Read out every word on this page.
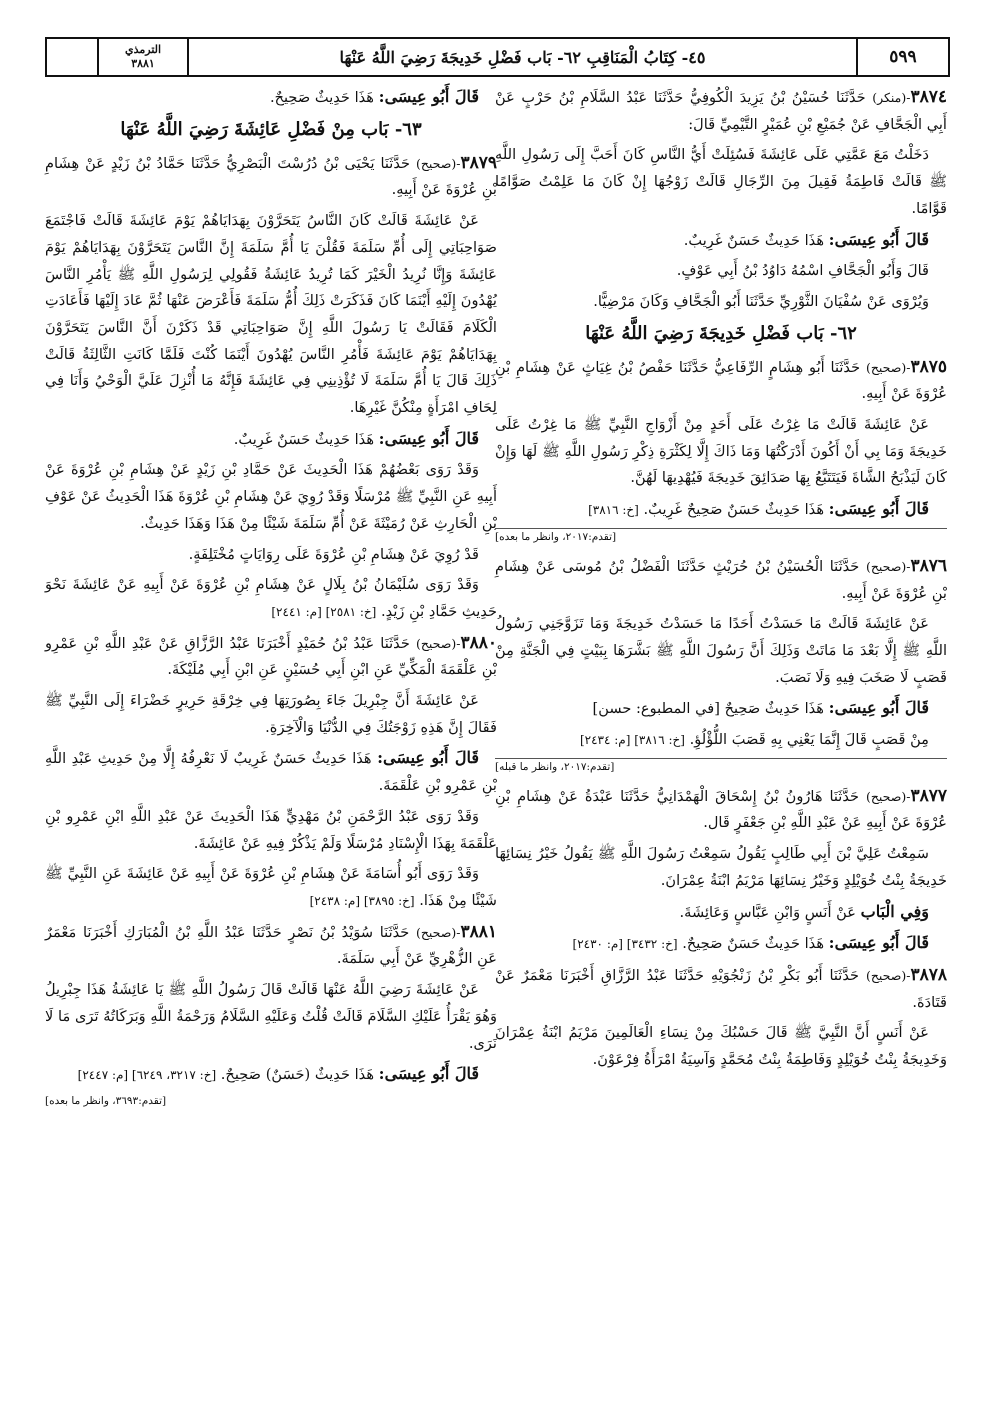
٥٩٩
٤٥- كِتَابُ الْمَنَاقِبِ ٦٢- بَاب فَضْلِ خَدِيجَةَ رَضِيَ اللَّهُ عَنْهَا
الترمذي
٣٨٨١

٣٨٧٤-(منكر) حَدَّثَنَا حُسَيْنُ بْنُ يَزِيدَ الْكُوفِيُّ حَدَّثَنَا عَبْدُ السَّلَامِ بْنُ حَرْبٍ عَنْ أَبِي الْجَحَّافِ عَنْ جُمَيْعِ بْنِ عُمَيْرٍ التَّيْمِيِّ قَالَ:

دَخَلْتُ مَعَ عَمَّتِي عَلَى عَائِشَةَ فَسُئِلَتْ أَيُّ النَّاسِ كَانَ أَحَبَّ إِلَى رَسُولِ اللَّهِ ﷺ قَالَتْ فَاطِمَةُ فَقِيلَ مِنَ الرِّجَالِ قَالَتْ زَوْجُهَا إِنْ كَانَ مَا عَلِمْتُ صَوَّامًا قَوَّامًا.

قَالَ أَبُو عِيسَى: هَذَا حَدِيثٌ حَسَنٌ غَرِيبٌ.

قَالَ وَأَبُو الْجَحَّافِ اسْمُهُ دَاوُدُ بْنُ أَبِي عَوْفٍ.

وَيُرْوَى عَنْ سُفْيَانَ الثَّوْرِيِّ حَدَّثَنَا أَبُو الْجَحَّافِ وَكَانَ مَرْضِيًّا.

٦٢- بَاب فَضْلِ خَدِيجَةَ رَضِيَ اللَّهُ عَنْهَا

٣٨٧٥-(صحيح) حَدَّثَنَا أَبُو هِشَامٍ الرِّفَاعِيُّ حَدَّثَنَا حَفْصُ بْنُ غِيَاثٍ عَنْ هِشَامِ بْنِ عُرْوَةَ عَنْ أَبِيهِ.

عَنْ عَائِشَةَ قَالَتْ مَا غِرْتُ عَلَى أَحَدٍ مِنْ أَزْوَاجِ النَّبِيِّ ﷺ مَا غِرْتُ عَلَى خَدِيجَةَ وَمَا بِي أَنْ أَكُونَ أَدْرَكْتُهَا وَمَا ذَاكَ إِلَّا لِكَثْرَةِ ذِكْرِ رَسُولِ اللَّهِ ﷺ لَهَا وَإِنْ كَانَ لَيَذْبَحُ الشَّاةَ فَيَتَتَبَّعُ بِهَا صَدَائِقَ خَدِيجَةَ فَيُهْدِيهَا لَهُنَّ.

قَالَ أَبُو عِيسَى: هَذَا حَدِيثٌ حَسَنٌ صَحِيحٌ غَرِيبٌ. [خ: ٣٨١٦]

[تقدم:٢٠١٧، وانظر ما بعده]

٣٨٧٦-(صحيح) حَدَّثَنَا الْحُسَيْنُ بْنُ حُرَيْثٍ حَدَّثَنَا الْفَضْلُ بْنُ مُوسَى عَنْ هِشَامِ بْنِ عُرْوَةَ عَنْ أَبِيهِ.

عَنْ عَائِشَةَ قَالَتْ مَا حَسَدْتُ أَحَدًا مَا حَسَدْتُ خَدِيجَةَ وَمَا تَزَوَّجَنِي رَسُولُ اللَّهِ ﷺ إِلَّا بَعْدَ مَا مَاتَتْ وَذَلِكَ أَنَّ رَسُولَ اللَّهِ ﷺ بَشَّرَهَا بِبَيْتٍ فِي الْجَنَّةِ مِنْ قَصَبٍ لَا صَخَبَ فِيهِ وَلَا نَصَبَ.

قَالَ أَبُو عِيسَى: هَذَا حَدِيثٌ صَحِيحٌ [في المطبوع: حسن]

مِنْ قَصَبٍ قَالَ إِنَّمَا يَعْنِي بِهِ قَصَبَ اللُّؤْلُؤِ. [خ: ٣٨١٦] [م: ٢٤٣٤]

[تقدم:٢٠١٧، وانظر ما قبله]

٣٨٧٧-(صحيح) حَدَّثَنَا هَارُونُ بْنُ إِسْحَاقَ الْهَمْدَانِيُّ حَدَّثَنَا عَبْدَةُ عَنْ هِشَامِ بْنِ عُرْوَةَ عَنْ أَبِيهِ عَنْ عَبْدِ اللَّهِ بْنِ جَعْفَرٍ قَال.

سَمِعْتُ عَلِيَّ بْنَ أَبِي طَالِبٍ يَقُولُ سَمِعْتُ رَسُولَ اللَّهِ ﷺ يَقُولُ خَيْرُ نِسَائِهَا خَدِيجَةُ بِنْتُ خُوَيْلِدٍ وَخَيْرُ نِسَائِهَا مَرْيَمُ ابْنَةُ عِمْرَانَ.

وَفِي الْبَاب عَنْ أَنَسٍ وَابْنِ عَبَّاسٍ وَعَائِشَةَ.

قَالَ أَبُو عِيسَى: هَذَا حَدِيثٌ حَسَنٌ صَحِيحٌ. [خ: ٣٤٣٢] [م: ٢٤٣٠]

٣٨٧٨-(صحيح) حَدَّثَنَا أَبُو بَكْرِ بْنُ زَنْجُوَيْهِ حَدَّثَنَا عَبْدُ الرَّزَّاقِ أَخْبَرَنَا مَعْمَرٌ عَنْ قَتَادَةَ.

عَنْ أَنَسٍ أَنَّ النَّبِيَّ ﷺ قَالَ حَسْبُكَ مِنْ نِسَاءِ الْعَالَمِينَ مَرْيَمُ ابْنَةُ عِمْرَانَ وَخَدِيجَةُ بِنْتُ خُوَيْلِدٍ وَفَاطِمَةُ بِنْتُ مُحَمَّدٍ وَآسِيَةُ امْرَأَةُ فِرْعَوْنَ.

قَالَ أَبُو عِيسَى: هَذَا حَدِيثٌ صَحِيحٌ.

٦٣- بَاب مِنْ فَضْلِ عَائِشَةَ رَضِيَ اللَّهُ عَنْهَا

٣٨٧٩-(صحيح) حَدَّثَنَا يَحْيَى بْنُ دُرُسْتَ الْبَصْرِيُّ حَدَّثَنَا حَمَّادُ بْنُ زَيْدٍ عَنْ هِشَامِ بْنِ عُرْوَةَ عَنْ أَبِيهِ.

عَنْ عَائِشَةَ قَالَتْ كَانَ النَّاسُ يَتَحَرَّوْنَ بِهَدَايَاهُمْ يَوْمَ عَائِشَةَ قَالَتْ فَاجْتَمَعَ صَوَاحِبَاتِي إِلَى أُمِّ سَلَمَةَ فَقُلْنَ يَا أُمَّ سَلَمَةَ إِنَّ النَّاسَ يَتَحَرَّوْنَ بِهَدَايَاهُمْ يَوْمَ عَائِشَةَ وَإِنَّا نُرِيدُ الْخَيْرَ كَمَا تُرِيدُ عَائِشَةُ فَقُولِي لِرَسُولِ اللَّهِ ﷺ يَأْمُرِ النَّاسَ يُهْدُونَ إِلَيْهِ أَيْنَمَا كَانَ فَذَكَرَتْ ذَلِكَ أُمُّ سَلَمَةَ فَأَعْرَضَ عَنْهَا ثُمَّ عَادَ إِلَيْهَا فَأَعَادَتِ الْكَلَامَ فَقَالَتْ يَا رَسُولَ اللَّهِ إِنَّ صَوَاحِبَاتِي قَدْ ذَكَرْنَ أَنَّ النَّاسَ يَتَحَرَّوْنَ بِهَدَايَاهُمْ يَوْمَ عَائِشَةَ فَأْمُرِ النَّاسَ يُهْدُونَ أَيْنَمَا كُنْتَ فَلَمَّا كَانَتِ الثَّالِثَةُ قَالَتْ ذَلِكَ قَالَ يَا أُمَّ سَلَمَةَ لَا تُؤْذِينِي فِي عَائِشَةَ فَإِنَّهُ مَا أُنْزِلَ عَلَيَّ الْوَحْيُ وَأَنَا فِي لِحَافِ امْرَأَةٍ مِنْكُنَّ غَيْرِهَا.

قَالَ أَبُو عِيسَى: هَذَا حَدِيثٌ حَسَنٌ غَرِيبٌ.

وَقَدْ رَوَى بَعْضُهُمْ هَذَا الْحَدِيثَ عَنْ حَمَّادِ بْنِ زَيْدٍ عَنْ هِشَامِ بْنِ عُرْوَةَ عَنْ أَبِيهِ عَنِ النَّبِيِّ ﷺ مُرْسَلًا وَقَدْ رُوِيَ عَنْ هِشَامِ بْنِ عُرْوَةَ هَذَا الْحَدِيثُ عَنْ عَوْفِ بْنِ الْحَارِثِ عَنْ رُمَيْثَةَ عَنْ أُمِّ سَلَمَةَ شَيْئًا مِنْ هَذَا وَهَذَا حَدِيثٌ.

قَدْ رُوِيَ عَنْ هِشَامِ بْنِ عُرْوَةَ عَلَى رِوَايَاتٍ مُخْتَلِفَةٍ.

وَقَدْ رَوَى سُلَيْمَانُ بْنُ بِلَالٍ عَنْ هِشَامِ بْنِ عُرْوَةَ عَنْ أَبِيهِ عَنْ عَائِشَةَ نَحْوَ حَدِيثِ حَمَّادِ بْنِ زَيْدٍ. [خ: ٢٥٨١] [م: ٢٤٤١]

٣٨٨٠-(صحيح) حَدَّثَنَا عَبْدُ بْنُ حُمَيْدٍ أَخْبَرَنَا عَبْدُ الرَّزَّاقِ عَنْ عَبْدِ اللَّهِ بْنِ عَمْرِو بْنِ عَلْقَمَةَ الْمَكِّيِّ عَنِ ابْنِ أَبِي حُسَيْنٍ عَنِ ابْنِ أَبِي مُلَيْكَةَ.

عَنْ عَائِشَةَ أَنَّ جِبْرِيلَ جَاءَ بِصُورَتِهَا فِي خِرْقَةِ حَرِيرٍ خَضْرَاءَ إِلَى النَّبِيِّ ﷺ فَقَالَ إِنَّ هَذِهِ زَوْجَتُكَ فِي الدُّنْيَا وَالْآخِرَةِ.

قَالَ أَبُو عِيسَى: هَذَا حَدِيثٌ حَسَنٌ غَرِيبٌ لَا نَعْرِفُهُ إِلَّا مِنْ حَدِيثِ عَبْدِ اللَّهِ بْنِ عَمْرِو بْنِ عَلْقَمَةَ.

وَقَدْ رَوَى عَبْدُ الرَّحْمَنِ بْنُ مَهْدِيٍّ هَذَا الْحَدِيثَ عَنْ عَبْدِ اللَّهِ ابْنِ عَمْرِو بْنِ عَلْقَمَةَ بِهَذَا الْإِسْنَادِ مُرْسَلًا وَلَمْ يَذْكُرْ فِيهِ عَنْ عَائِشَةَ.

وَقَدْ رَوَى أَبُو أُسَامَةَ عَنْ هِشَامِ بْنِ عُرْوَةَ عَنْ أَبِيهِ عَنْ عَائِشَةَ عَنِ النَّبِيِّ ﷺ شَيْئًا مِنْ هَذَا. [خ: ٣٨٩٥] [م: ٢٤٣٨]

٣٨٨١-(صحيح) حَدَّثَنَا سُوَيْدُ بْنُ نَصْرٍ حَدَّثَنَا عَبْدُ اللَّهِ بْنُ الْمُبَارَكِ أَخْبَرَنَا مَعْمَرٌ عَنِ الزُّهْرِيِّ عَنْ أَبِي سَلَمَةَ.

عَنْ عَائِشَةَ رَضِيَ اللَّهُ عَنْهَا قَالَتْ قَالَ رَسُولُ اللَّهِ ﷺ يَا عَائِشَةُ هَذَا جِبْرِيلُ وَهُوَ يَقْرَأُ عَلَيْكِ السَّلَامَ قَالَتْ قُلْتُ وَعَلَيْهِ السَّلَامُ وَرَحْمَةُ اللَّهِ وَبَرَكَاتُهُ تَرَى مَا لَا نَرَى.

قَالَ أَبُو عِيسَى: هَذَا حَدِيثٌ (حَسَنٌ) صَحِيحٌ. [خ: ٣٢١٧، ٦٢٤٩] [م: ٢٤٤٧]

[تقدم:٣٦٩٣، وانظر ما بعده]
